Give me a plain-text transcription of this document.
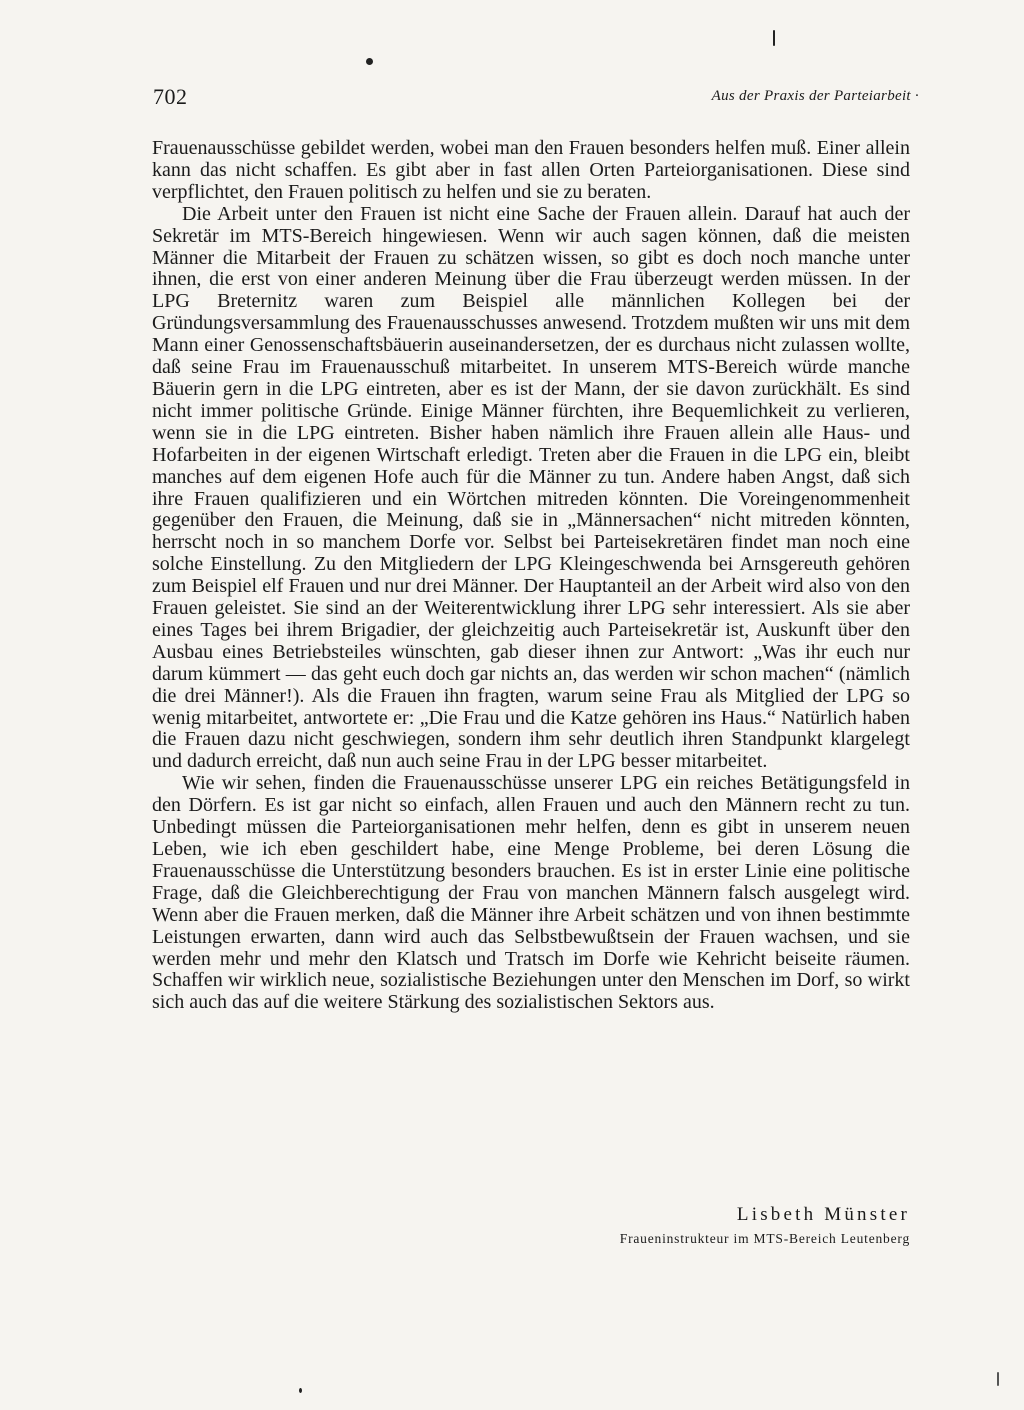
702	Aus der Praxis der Parteiarbeit ·

Frauenausschüsse gebildet werden, wobei man den Frauen besonders helfen muß. Einer allein kann das nicht schaffen. Es gibt aber in fast allen Orten Parteiorganisationen. Diese sind verpflichtet, den Frauen politisch zu helfen und sie zu beraten.

Die Arbeit unter den Frauen ist nicht eine Sache der Frauen allein. Darauf hat auch der Sekretär im MTS-Bereich hingewiesen. Wenn wir auch sagen können, daß die meisten Männer die Mitarbeit der Frauen zu schätzen wissen, so gibt es doch noch manche unter ihnen, die erst von einer anderen Meinung über die Frau überzeugt werden müssen. In der LPG Breternitz waren zum Beispiel alle männlichen Kollegen bei der Gründungsversammlung des Frauenausschusses anwesend. Trotzdem mußten wir uns mit dem Mann einer Genossenschaftsbäuerin auseinandersetzen, der es durchaus nicht zulassen wollte, daß seine Frau im Frauenausschuß mitarbeitet. In unserem MTS-Bereich würde manche Bäuerin gern in die LPG eintreten, aber es ist der Mann, der sie davon zurückhält. Es sind nicht immer politische Gründe. Einige Männer fürchten, ihre Bequemlichkeit zu verlieren, wenn sie in die LPG eintreten. Bisher haben nämlich ihre Frauen allein alle Haus- und Hofarbeiten in der eigenen Wirtschaft erledigt. Treten aber die Frauen in die LPG ein, bleibt manches auf dem eigenen Hofe auch für die Männer zu tun. Andere haben Angst, daß sich ihre Frauen qualifizieren und ein Wörtchen mitreden könnten. Die Voreingenommenheit gegenüber den Frauen, die Meinung, daß sie in „Männersachen“ nicht mitreden könnten, herrscht noch in so manchem Dorfe vor. Selbst bei Parteisekretären findet man noch eine solche Einstellung. Zu den Mitgliedern der LPG Kleingeschwenda bei Arnsgereuth gehören zum Beispiel elf Frauen und nur drei Männer. Der Hauptanteil an der Arbeit wird also von den Frauen geleistet. Sie sind an der Weiterentwicklung ihrer LPG sehr interessiert. Als sie aber eines Tages bei ihrem Brigadier, der gleichzeitig auch Parteisekretär ist, Auskunft über den Ausbau eines Betriebsteiles wünschten, gab dieser ihnen zur Antwort: „Was ihr euch nur darum kümmert — das geht euch doch gar nichts an, das werden wir schon machen“ (nämlich die drei Männer!). Als die Frauen ihn fragten, warum seine Frau als Mitglied der LPG so wenig mitarbeitet, antwortete er: „Die Frau und die Katze gehören ins Haus.“ Natürlich haben die Frauen dazu nicht geschwiegen, sondern ihm sehr deutlich ihren Standpunkt klargelegt und dadurch erreicht, daß nun auch seine Frau in der LPG besser mitarbeitet.

Wie wir sehen, finden die Frauenausschüsse unserer LPG ein reiches Betätigungsfeld in den Dörfern. Es ist gar nicht so einfach, allen Frauen und auch den Männern recht zu tun. Unbedingt müssen die Parteiorganisationen mehr helfen, denn es gibt in unserem neuen Leben, wie ich eben geschildert habe, eine Menge Probleme, bei deren Lösung die Frauenausschüsse die Unterstützung besonders brauchen. Es ist in erster Linie eine politische Frage, daß die Gleichberechtigung der Frau von manchen Männern falsch ausgelegt wird. Wenn aber die Frauen merken, daß die Männer ihre Arbeit schätzen und von ihnen bestimmte Leistungen erwarten, dann wird auch das Selbstbewußtsein der Frauen wachsen, und sie werden mehr und mehr den Klatsch und Tratsch im Dorfe wie Kehricht beiseite räumen. Schaffen wir wirklich neue, sozialistische Beziehungen unter den Menschen im Dorf, so wirkt sich auch das auf die weitere Stärkung des sozialistischen Sektors aus.

Lisbeth Münster
Fraueninstrukteur im MTS-Bereich Leutenberg
